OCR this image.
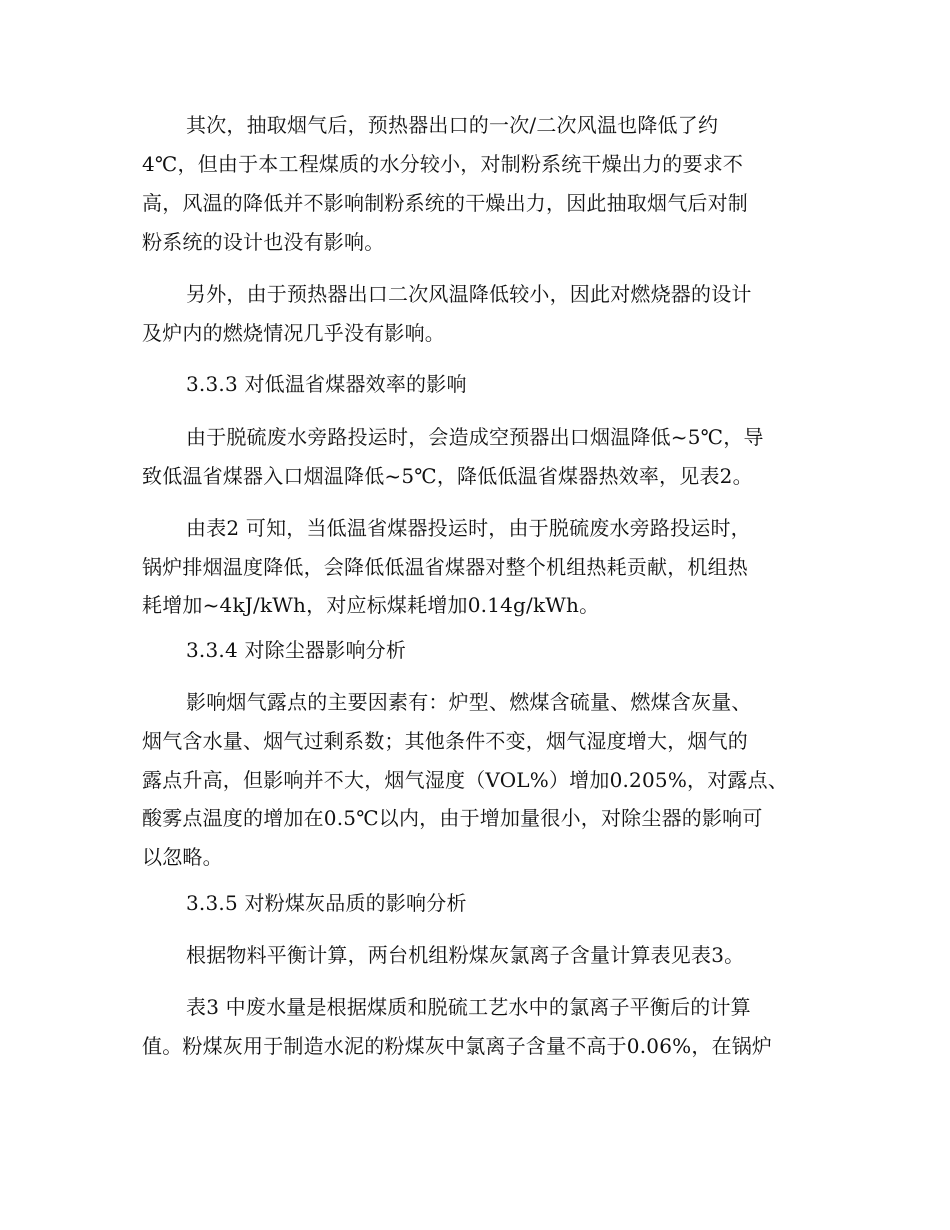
其次，抽取烟气后，预热器出口的一次/二次风温也降低了约
4℃，但由于本工程煤质的水分较小，对制粉系统干燥出力的要求不
高，风温的降低并不影响制粉系统的干燥出力，因此抽取烟气后对制
粉系统的设计也没有影响。
另外，由于预热器出口二次风温降低较小，因此对燃烧器的设计
及炉内的燃烧情况几乎没有影响。
3.3.3 对低温省煤器效率的影响
由于脱硫废水旁路投运时，会造成空预器出口烟温降低~5℃，导
致低温省煤器入口烟温降低~5℃，降低低温省煤器热效率，见表2。
由表2 可知，当低温省煤器投运时，由于脱硫废水旁路投运时，
锅炉排烟温度降低，会降低低温省煤器对整个机组热耗贡献，机组热
耗增加~4kJ/kWh，对应标煤耗增加0.14g/kWh。
3.3.4 对除尘器影响分析
影响烟气露点的主要因素有：炉型、燃煤含硫量、燃煤含灰量、
烟气含水量、烟气过剩系数；其他条件不变，烟气湿度增大，烟气的
露点升高，但影响并不大，烟气湿度（VOL%）增加0.205%，对露点、
酸雾点温度的增加在0.5℃以内，由于增加量很小，对除尘器的影响可
以忽略。
3.3.5 对粉煤灰品质的影响分析
根据物料平衡计算，两台机组粉煤灰氯离子含量计算表见表3。
表3 中废水量是根据煤质和脱硫工艺水中的氯离子平衡后的计算
值。粉煤灰用于制造水泥的粉煤灰中氯离子含量不高于0.06%，在锅炉
